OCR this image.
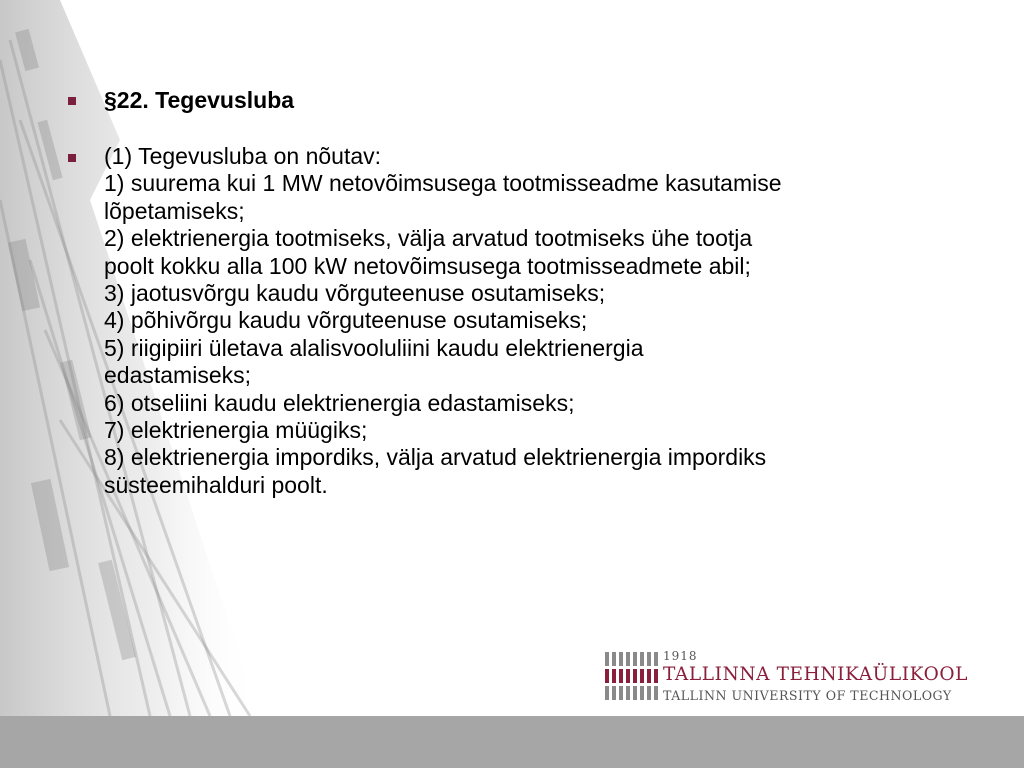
§22. Tegevusluba
(1) Tegevusluba on nõutav:
1) suurema kui 1 MW netovõimsusega tootmisseadme kasutamise
lõpetamiseks;
2) elektrienergia tootmiseks, välja arvatud tootmiseks ühe tootja
poolt kokku alla 100 kW netovõimsusega tootmisseadmete abil;
3) jaotusvõrgu kaudu võrguteenuse osutamiseks;
4) põhivõrgu kaudu võrguteenuse osutamiseks;
5) riigipiiri ületava alalisvooluliini kaudu elektrienergia
edastamiseks;
6) otseliini kaudu elektrienergia edastamiseks;
7) elektrienergia müügiks;
8) elektrienergia impordiks, välja arvatud elektrienergia impordiks
süsteemihalduri poolt.
1918
TALLINNA TEHNIKAÜLIKOOL
TALLINN UNIVERSITY OF TECHNOLOGY
